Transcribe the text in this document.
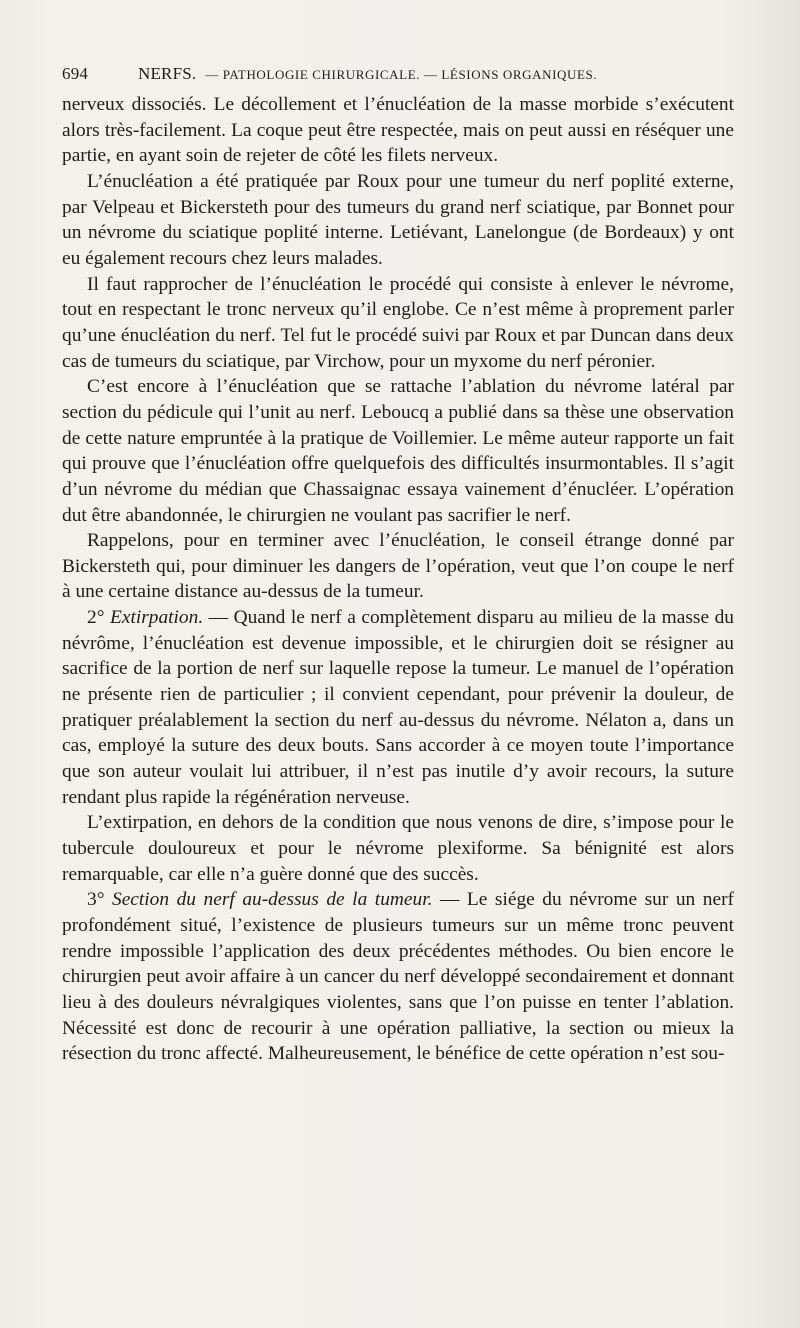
694	NERFS. — PATHOLOGIE CHIRURGICALE. — LÉSIONS ORGANIQUES.

nerveux dissociés. Le décollement et l’énucléation de la masse morbide s’exécutent alors très-facilement. La coque peut être respectée, mais on peut aussi en réséquer une partie, en ayant soin de rejeter de côté les filets nerveux.

L’énucléation a été pratiquée par Roux pour une tumeur du nerf poplité externe, par Velpeau et Bickersteth pour des tumeurs du grand nerf sciatique, par Bonnet pour un névrome du sciatique poplité interne. Letiévant, Lanelongue (de Bordeaux) y ont eu également recours chez leurs malades.

Il faut rapprocher de l’énucléation le procédé qui consiste à enlever le névrome, tout en respectant le tronc nerveux qu’il englobe. Ce n’est même à proprement parler qu’une énucléation du nerf. Tel fut le procédé suivi par Roux et par Duncan dans deux cas de tumeurs du sciatique, par Virchow, pour un myxome du nerf péronier.

C’est encore à l’énucléation que se rattache l’ablation du névrome latéral par section du pédicule qui l’unit au nerf. Leboucq a publié dans sa thèse une observation de cette nature empruntée à la pratique de Voillemier. Le même auteur rapporte un fait qui prouve que l’énucléation offre quelquefois des difficultés insurmontables. Il s’agit d’un névrome du médian que Chassaignac essaya vainement d’énucléer. L’opération dut être abandonnée, le chirurgien ne voulant pas sacrifier le nerf.

Rappelons, pour en terminer avec l’énucléation, le conseil étrange donné par Bickersteth qui, pour diminuer les dangers de l’opération, veut que l’on coupe le nerf à une certaine distance au-dessus de la tumeur.

2° Extirpation. — Quand le nerf a complètement disparu au milieu de la masse du névrôme, l’énucléation est devenue impossible, et le chirurgien doit se résigner au sacrifice de la portion de nerf sur laquelle repose la tumeur. Le manuel de l’opération ne présente rien de particulier ; il convient cependant, pour prévenir la douleur, de pratiquer préalablement la section du nerf au-dessus du névrome. Nélaton a, dans un cas, employé la suture des deux bouts. Sans accorder à ce moyen toute l’importance que son auteur voulait lui attribuer, il n’est pas inutile d’y avoir recours, la suture rendant plus rapide la régénération nerveuse.

L’extirpation, en dehors de la condition que nous venons de dire, s’impose pour le tubercule douloureux et pour le névrome plexiforme. Sa bénignité est alors remarquable, car elle n’a guère donné que des succès.

3° Section du nerf au-dessus de la tumeur. — Le siége du névrome sur un nerf profondément situé, l’existence de plusieurs tumeurs sur un même tronc peuvent rendre impossible l’application des deux précédentes méthodes. Ou bien encore le chirurgien peut avoir affaire à un cancer du nerf développé secondairement et donnant lieu à des douleurs névralgiques violentes, sans que l’on puisse en tenter l’ablation. Nécessité est donc de recourir à une opération palliative, la section ou mieux la résection du tronc affecté. Malheureusement, le bénéfice de cette opération n’est sou-
